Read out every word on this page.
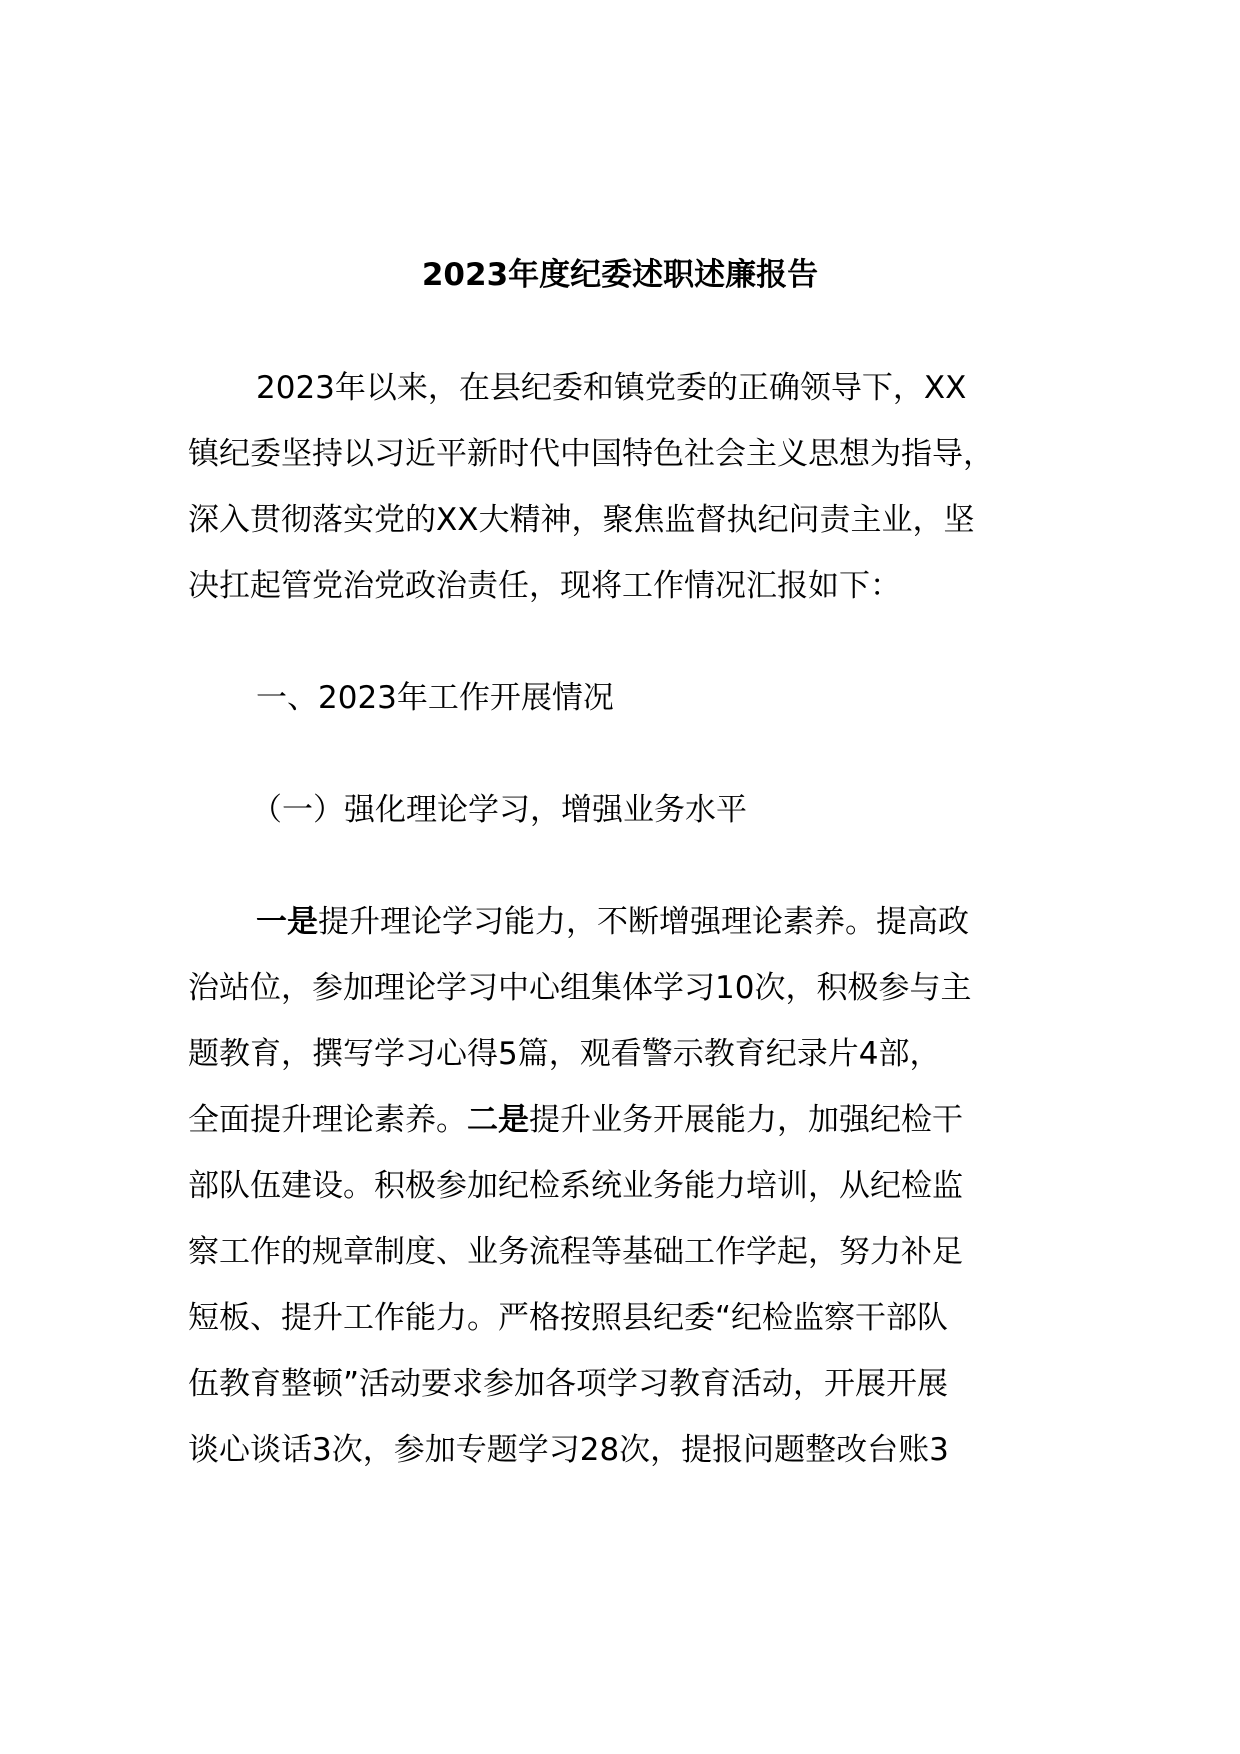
2023年度纪委述职述廉报告

2023年以来，在县纪委和镇党委的正确领导下，XX

镇纪委坚持以习近平新时代中国特色社会主义思想为指导，

深入贯彻落实党的XX大精神，聚焦监督执纪问责主业，坚

决扛起管党治党政治责任，现将工作情况汇报如下：

一、2023年工作开展情况

（一）强化理论学习，增强业务水平

一是提升理论学习能力，不断增强理论素养。提高政

治站位，参加理论学习中心组集体学习10次，积极参与主

题教育，撰写学习心得5篇，观看警示教育纪录片4部，

全面提升理论素养。二是提升业务开展能力，加强纪检干

部队伍建设。积极参加纪检系统业务能力培训，从纪检监

察工作的规章制度、业务流程等基础工作学起，努力补足

短板、提升工作能力。严格按照县纪委“纪检监察干部队

伍教育整顿”活动要求参加各项学习教育活动，开展开展

谈心谈话3次，参加专题学习28次，提报问题整改台账3
